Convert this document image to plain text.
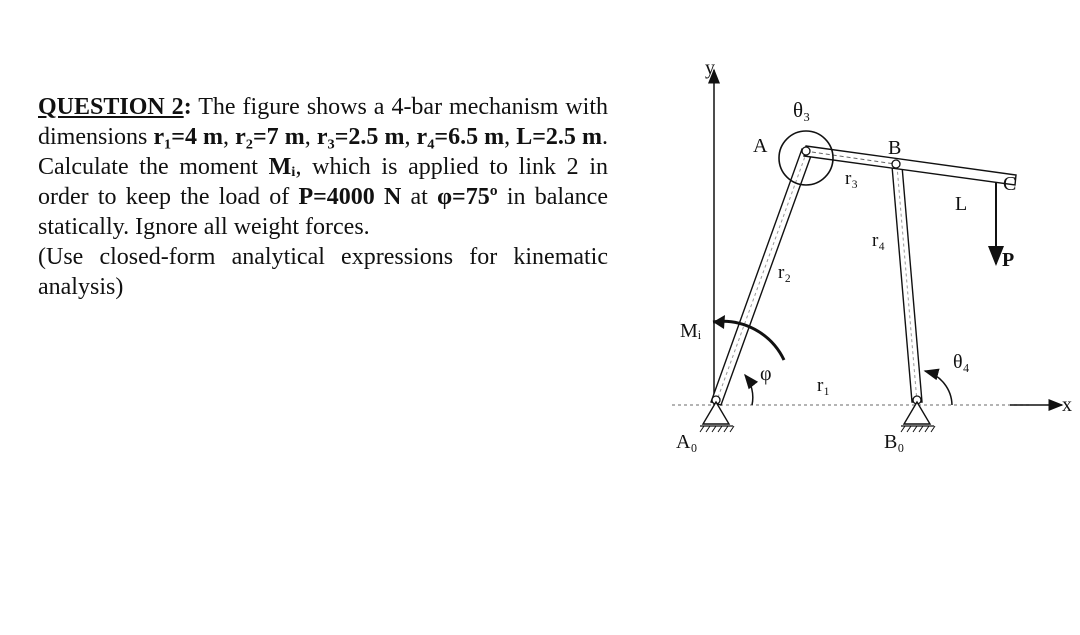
QUESTION 2: The figure shows a 4-bar mechanism with dimensions r₁=4 m, r₂=7 m, r₃=2.5 m, r₄=6.5 m, L=2.5 m. Calculate the moment Mᵢ, which is applied to link 2 in order to keep the load of P=4000 N at φ=75º in balance statically. Ignore all weight forces.

(Use closed-form analytical expressions for kinematic analysis)

x
y
θ₃
A	B
C
L
r₃
r₄
r₂
r₁
θ₄
A₀	B₀
Mᵢ
φ
P
